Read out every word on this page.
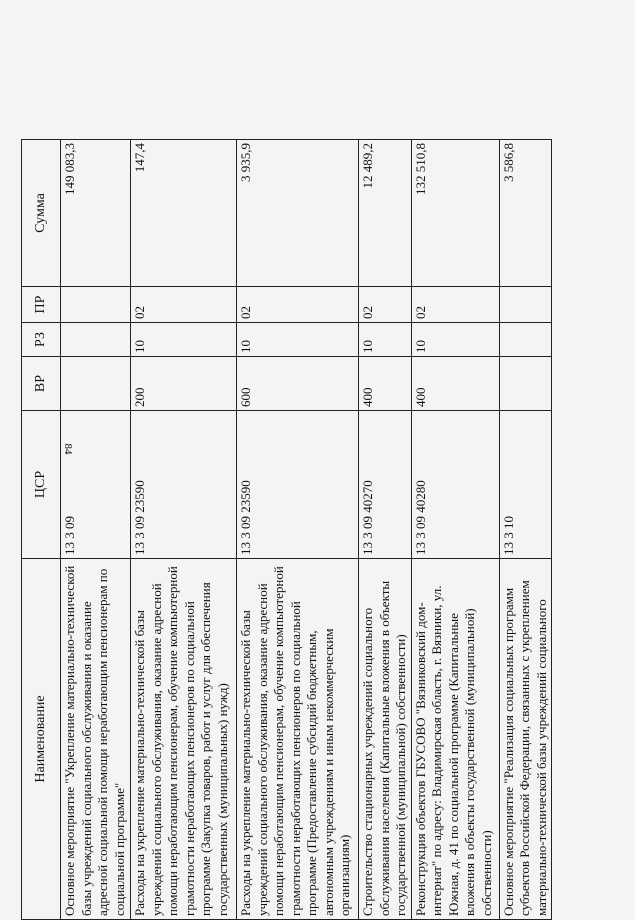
84
Наименование	ЦСР	ВР	РЗ	ПР	Сумма
Основное мероприятие "Укрепление материально-технической базы учреждений социального обслуживания и оказание адресной социальной помощи неработающим пенсионерам по социальной программе"	13 3 09				149 083,3
Расходы на укрепление материально-технической базы учреждений социального обслуживания, оказание адресной помощи неработающим пенсионерам, обучение компьютерной грамотности неработающих пенсионеров по социальной программе (Закупка товаров, работ и услуг для обеспечения государственных (муниципальных) нужд)	13 3 09 23590	200	10	02	147,4
Расходы на укрепление материально-технической базы учреждений социального обслуживания, оказание адресной помощи неработающим пенсионерам, обучение компьютерной грамотности неработающих пенсионеров по социальной программе (Предоставление субсидий бюджетным, автономным учреждениям и иным некоммерческим организациям)	13 3 09 23590	600	10	02	3 935,9
Строительство стационарных учреждений социального обслуживания населения (Капитальные вложения в объекты государственной (муниципальной) собственности)	13 3 09 40270	400	10	02	12 489,2
Реконструкция объектов ГБУСОВО "Вязниковский дом-интернат" по адресу: Владимирская область, г. Вязники, ул. Южная, д. 41 по социальной программе (Капитальные вложения в объекты государственной (муниципальной) собственности)	13 3 09 40280	400	10	02	132 510,8
Основное мероприятие "Реализация социальных программ субъектов Российской Федерации, связанных с укреплением материально-технической базы учреждений социального	13 3 10				3 586,8
